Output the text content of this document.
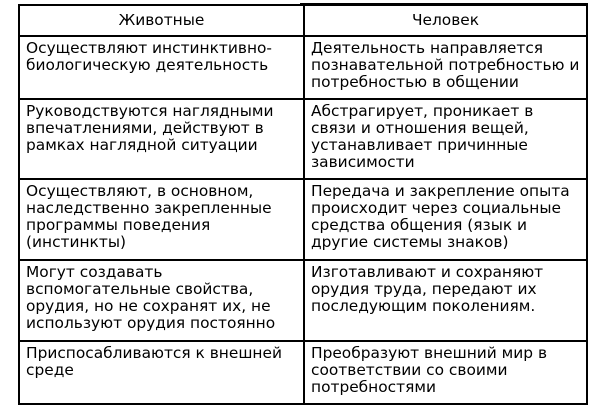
Животные	Человек

Осуществляют инстинктивно-биологическую деятельность	Деятельность направляется познавательной потребностью и потребностью в общении

Руководствуются наглядными впечатлениями, действуют в рамках наглядной ситуации	Абстрагирует, проникает в связи и отношения вещей, устанавливает причинные зависимости

Осуществляют, в основном, наследственно закрепленные программы поведения (инстинкты)	Передача и закрепление опыта происходит через социальные средства общения (язык и другие системы знаков)

Могут создавать вспомогательные свойства, орудия, но не сохранят их, не используют орудия постоянно	Изготавливают и сохраняют орудия труда, передают их последующим поколениям.

Приспосабливаются к внешней среде	Преобразуют внешний мир в соответствии со своими потребностями
